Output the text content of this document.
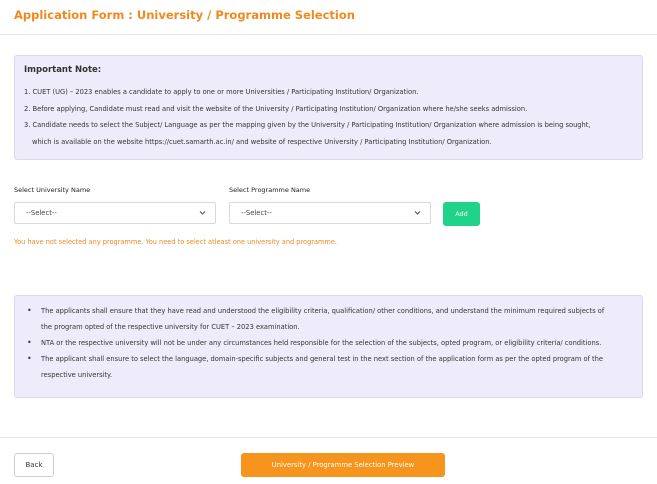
Application Form : University / Programme Selection
Important Note:
1. CUET (UG) – 2023 enables a candidate to apply to one or more Universities / Participating Institution/ Organization.
2. Before applying, Candidate must read and visit the website of the University / Participating Institution/ Organization where he/she seeks admission.
3. Candidate needs to select the Subject/ Language as per the mapping given by the University / Participating Institution/ Organization where admission is being sought,
which is available on the website https://cuet.samarth.ac.in/ and website of respective University / Participating Institution/ Organization.
Select University Name
--Select--
Select Programme Name
--Select--	Add
You have not selected any programme. You need to select atleast one university and programme.
•	The applicants shall ensure that they have read and understood the eligibility criteria, qualification/ other conditions, and understand the minimum required subjects of
the program opted of the respective university for CUET – 2023 examination.
•	NTA or the respective university will not be under any circumstances held responsible for the selection of the subjects, opted program, or eligibility criteria/ conditions.
•	The applicant shall ensure to select the language, domain-specific subjects and general test in the next section of the application form as per the opted program of the
respective university.
Back	University / Programme Selection Preview
